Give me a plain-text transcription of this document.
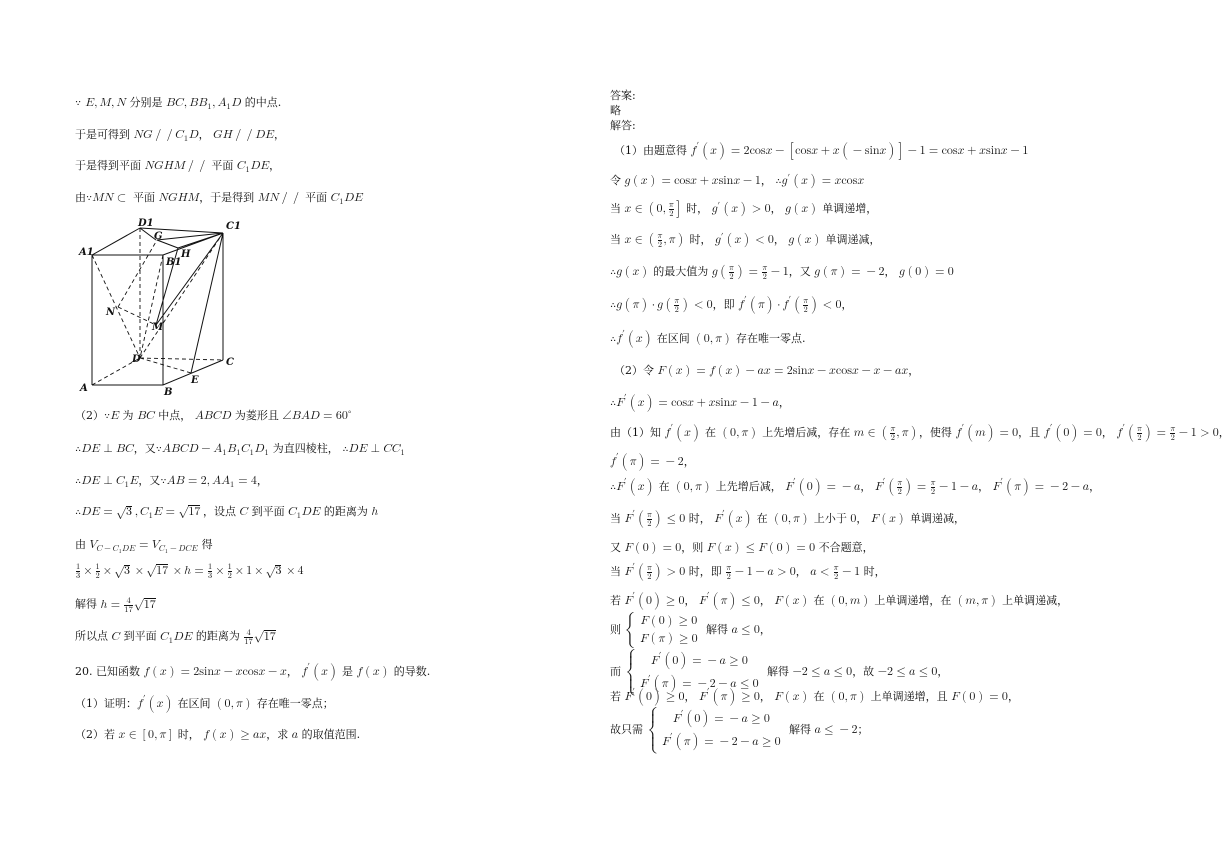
∵ E , M , N 分别是 B C , B B 1 , A 1 D 的中点.
于是可得到 N G / / C 1 D ， G H / / D E ，
于是得到平面 N G H M / / 平面 C 1 D E ，
由 ∵ M N ⊂ 平面 N G H M ，于是得到 M N / / 平面 C 1 D E
D1	C1
A1
G
H
B1
N
M
D	C
E
A	B
（2） ∵ E 为 B C 中点， A B C D 为菱形且 ∠ B A D = 60 ∘
∴ D E ⊥ B C ，又 ∵ A B C D − A 1 B 1 C 1 D 1 为直四棱柱， ∴ D E ⊥ C C 1
∴ D E ⊥ C 1 E ，又 ∵ A B = 2 , A A 1 = 4 ，
∴ D E = 3 , C 1 E = 17 ，设点 C 到平面 C 1 D E 的距离为 h
由 V C − C 1 D E = V C 1 − D C E 得
1
3 × 1
2 × 3 × 17 × h = 1
3 × 1
2 × 1 × 3 × 4
解得 h = 4
17 17
所以点 C 到平面 C 1 D E 的距离为 4
17 17
20. 已知函数 f ( x ) = 2 sin x − x cos x − x ， f ′ ( x ) 是 f ( x ) 的导数.
（1）证明： f ′ ( x ) 在区间 ( 0 , π ) 存在唯一零点；
（2）若 x ∈ [ 0 , π ] 时， f ( x ) ≥ a x ，求 a 的取值范围.
答案:
略
解答:
（1）由题意得 f ′ ( x ) = 2 cos x − [ cos x + x ( − sin x ) ] − 1 = cos x + x sin x − 1
令 g ( x ) = cos x + x sin x − 1 ， ∴ g ′ ( x ) = x cos x
当 x ∈ ( 0 , π
2
] 时， g ′ ( x ) > 0 ， g ( x ) 单调递增，
当 x ∈ ( π
2 , π ) 时， g ′ ( x ) < 0 ， g ( x ) 单调递减，
∴ g ( x ) 的最大值为 g ( π
2 ) = π
2 − 1 ，又 g ( π ) = − 2 ， g ( 0 ) = 0
∴ g ( π ) · g ( π
2 ) < 0 ，即 f ′ ( π ) · f ′ ( π
2
) < 0 ，
∴ f ′ ( x ) 在区间 ( 0 , π ) 存在唯一零点.
（2）令 F ( x ) = f ( x ) − a x = 2 sin x − x cos x − x − a x ，
∴ F ′ ( x ) = cos x + x sin x − 1 − a ，
由（1）知 f ′ ( x ) 在 ( 0 , π ) 上先增后减，存在 m ∈ ( π
2 , π ) ，使得 f ′ ( m ) = 0 ，且 f ′ ( 0 ) = 0 ， f ′ ( π
2
) = π
2 − 1 > 0 ，
𝑓 ′ ( π ) = − 2 ，
∴ F ′ ( x ) 在 ( 0 , π ) 上先增后减， F ′ ( 0 ) = − a ， F ′ ( π
2
) = π
2 − 1 − a ， F ′ ( π ) = − 2 − a ，
当 F ′ ( π
2
) ≤ 0 时， F ′ ( x ) 在 ( 0 , π ) 上小于 0 ， F ( x ) 单调递减，
又 F ( 0 ) = 0 ，则 F ( x ) ≤ F ( 0 ) = 0 不合题意，
当 F ′ ( π
2
) > 0 时，即 π
2 − 1 − a > 0 ， a < π
2 − 1 时，
若 F ′ ( 0 ) ≥ 0 ， F ′ ( π ) ≤ 0 ， F ( x ) 在 ( 0 , m ) 上单调递增，在 ( m , π ) 上单调递减，
则
{ F ( 0 ) ≥ 0

𝐹 ( π ) ≥ 0
解得 a ≤ 0 ，
而
{	F ′ ( 0 ) = − a ≥ 0

𝐹 ′ ( π ) = − 2 − a ≤ 0
解得 − 2 ≤ a ≤ 0 ，故 − 2 ≤ a ≤ 0 ，
若 F ′ ( 0 ) ≥ 0 ， F ′ ( π ) ≥ 0 ， F ( x ) 在 ( 0 , π ) 上单调递增，且 F ( 0 ) = 0 ，
故只需
{	F ′ ( 0 ) = − a ≥ 0

𝐹 ′ ( π ) = − 2 − a ≥ 0
解得 a ≤ − 2 ；
